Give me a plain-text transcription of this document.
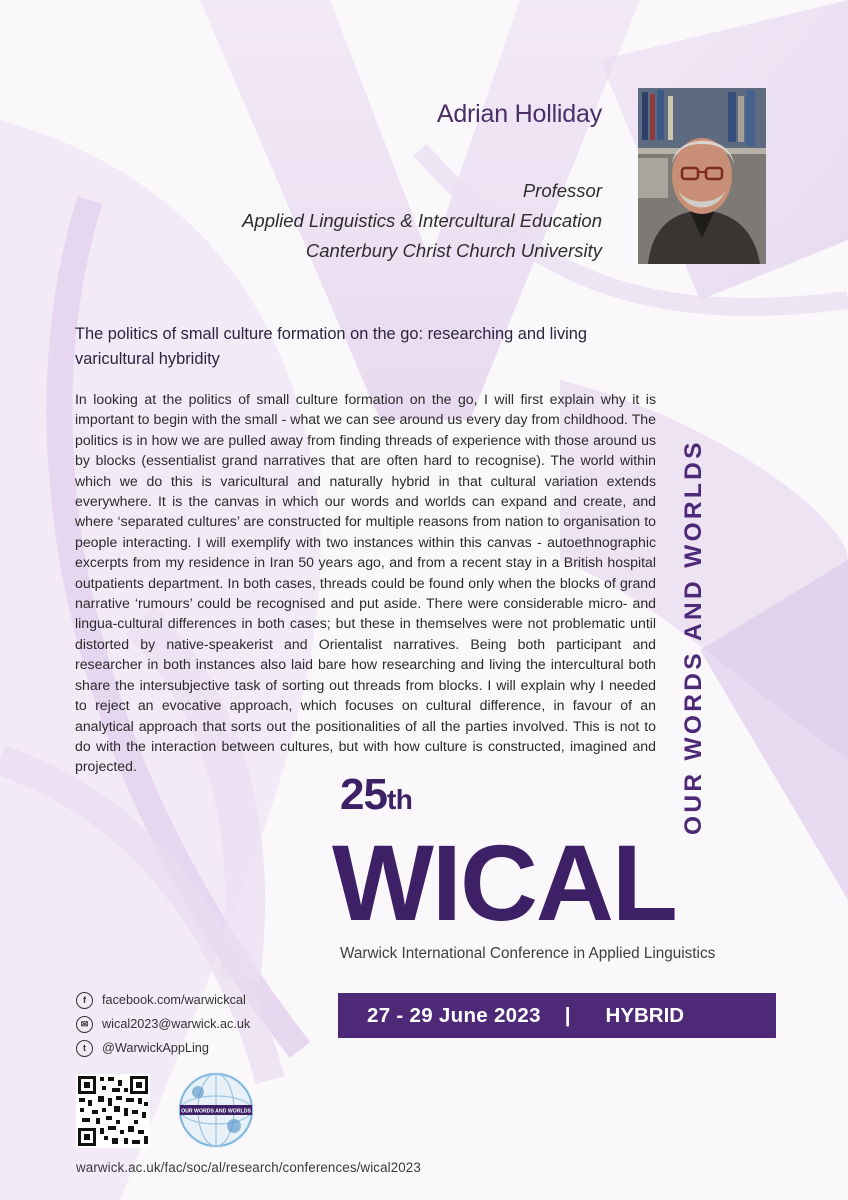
Adrian Holliday
Professor
Applied Linguistics & Intercultural Education
Canterbury Christ Church University
The politics of small culture formation on the go: researching and living varicultural hybridity
In looking at the politics of small culture formation on the go, I will first explain why it is important to begin with the small - what we can see around us every day from childhood. The politics is in how we are pulled away from finding threads of experience with those around us by blocks (essentialist grand narratives that are often hard to recognise). The world within which we do this is varicultural and naturally hybrid in that cultural variation extends everywhere. It is the canvas in which our words and worlds can expand and create, and where ‘separated cultures’ are constructed for multiple reasons from nation to organisation to people interacting. I will exemplify with two instances within this canvas - autoethnographic excerpts from my residence in Iran 50 years ago, and from a recent stay in a British hospital outpatients department. In both cases, threads could be found only when the blocks of grand narrative ‘rumours’ could be recognised and put aside. There were considerable micro- and lingua-cultural differences in both cases; but these in themselves were not problematic until distorted by native-speakerist and Orientalist narratives. Being both participant and researcher in both instances also laid bare how researching and living the intercultural both share the intersubjective task of sorting out threads from blocks. I will explain why I needed to reject an evocative approach, which focuses on cultural difference, in favour of an analytical approach that sorts out the positionalities of all the parties involved. This is not to do with the interaction between cultures, but with how culture is constructed, imagined and projected.	OUR WORDS AND WORLDS
25th
WICAL
Warwick International Conference in Applied Linguistics
27 - 29 June 2023 | HYBRID
f	facebook.com/warwickcal
✉	wical2023@warwick.ac.uk
t	@WarwickAppLing
OUR WORDS AND WORLDS
warwick.ac.uk/fac/soc/al/research/conferences/wical2023
